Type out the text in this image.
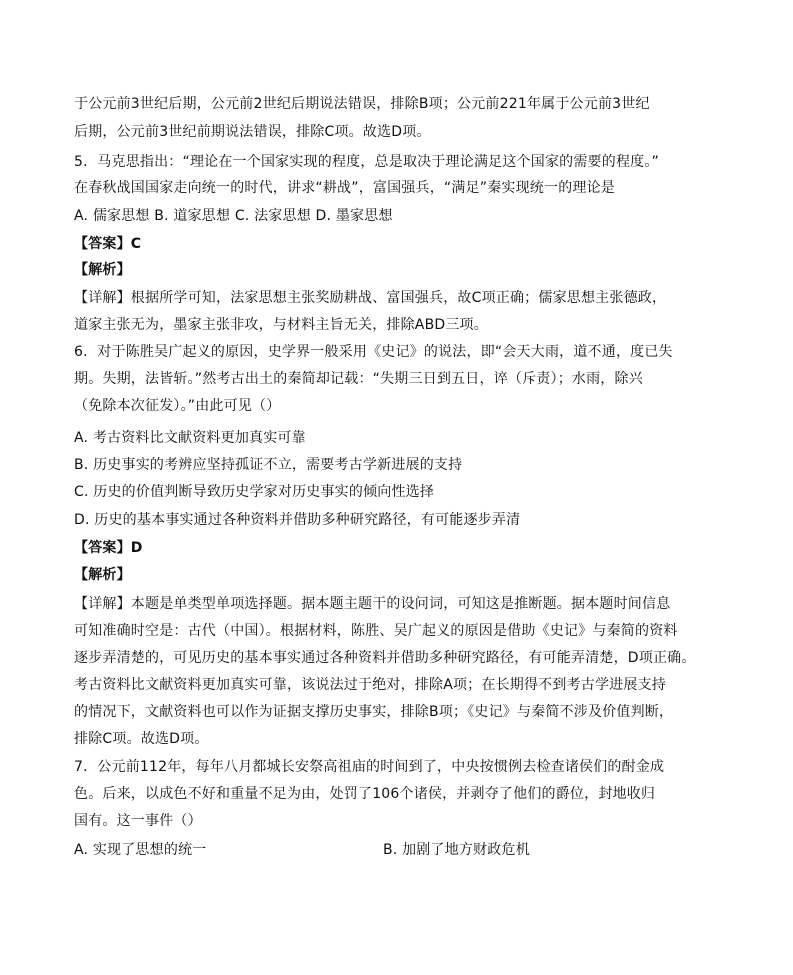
于公元前3世纪后期，公元前2世纪后期说法错误，排除B项；公元前221年属于公元前3世纪
后期，公元前3世纪前期说法错误，排除C项。故选D项。
5．马克思指出：“理论在一个国家实现的程度，总是取决于理论满足这个国家的需要的程度。”
在春秋战国国家走向统一的时代，讲求“耕战”，富国强兵，“满足”秦实现统一的理论是
A. 儒家思想 B. 道家思想 C. 法家思想 D. 墨家思想
【答案】C
【解析】
【详解】根据所学可知，法家思想主张奖励耕战、富国强兵，故C项正确；儒家思想主张德政，
道家主张无为，墨家主张非攻，与材料主旨无关，排除ABD三项。
6．对于陈胜吴广起义的原因，史学界一般采用《史记》的说法，即“会天大雨，道不通，度已失
期。失期，法皆斩。”然考古出土的秦简却记载：“失期三日到五日，谇（斥责）；水雨，除兴
（免除本次征发）。”由此可见（）
A. 考古资料比文献资料更加真实可靠
B. 历史事实的考辨应坚持孤证不立，需要考古学新进展的支持
C. 历史的价值判断导致历史学家对历史事实的倾向性选择
D. 历史的基本事实通过各种资料并借助多种研究路径，有可能逐步弄清
【答案】D
【解析】
【详解】本题是单类型单项选择题。据本题主题干的设问词，可知这是推断题。据本题时间信息
可知准确时空是：古代（中国）。根据材料，陈胜、吴广起义的原因是借助《史记》与秦简的资料
逐步弄清楚的，可见历史的基本事实通过各种资料并借助多种研究路径，有可能弄清楚，D项正确。
考古资料比文献资料更加真实可靠，该说法过于绝对，排除A项；在长期得不到考古学进展支持
的情况下，文献资料也可以作为证据支撑历史事实，排除B项；《史记》与秦简不涉及价值判断，
排除C项。故选D项。
7．公元前112年，每年八月都城长安祭高祖庙的时间到了，中央按惯例去检查诸侯们的酎金成
色。后来，以成色不好和重量不足为由，处罚了106个诸侯，并剥夺了他们的爵位，封地收归
国有。这一事件（）
A. 实现了思想的统一	B. 加剧了地方财政危机
